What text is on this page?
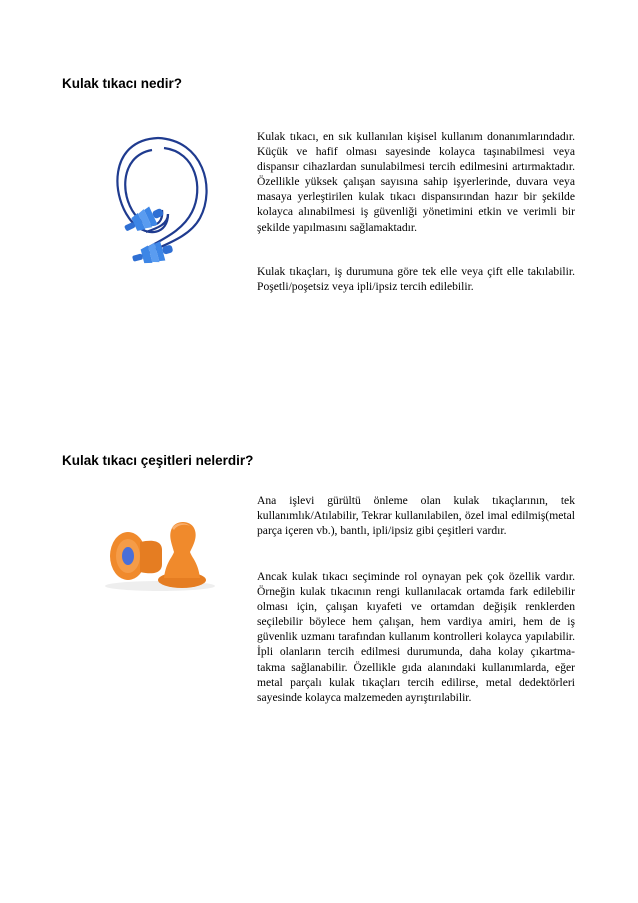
Kulak tıkacı nedir?

Kulak tıkacı, en sık kullanılan kişisel kullanım donanımlarındadır. Küçük ve hafif olması sayesinde kolayca taşınabilmesi veya dispansır cihazlardan sunulabilmesi tercih edilmesini artırmaktadır. Özellikle yüksek çalışan sayısına sahip işyerlerinde, duvara veya masaya yerleştirilen kulak tıkacı dispansırından hazır bir şekilde kolayca alınabilmesi iş güvenliği yönetimini etkin ve verimli bir şekilde yapılmasını sağlamaktadır.

Kulak tıkaçları, iş durumuna göre tek elle veya çift elle takılabilir. Poşetli/poşetsiz veya ipli/ipsiz tercih edilebilir.

Kulak tıkacı çeşitleri nelerdir?

Ana işlevi gürültü önleme olan kulak tıkaçlarının, tek kullanımlık/Atılabilir, Tekrar kullanılabilen, özel imal edilmiş(metal parça içeren vb.), bantlı, ipli/ipsiz gibi çeşitleri vardır.

Ancak kulak tıkacı seçiminde rol oynayan pek çok özellik vardır. Örneğin kulak tıkacının rengi kullanılacak ortamda fark edilebilir olması için, çalışan kıyafeti ve ortamdan değişik renklerden seçilebilir böylece hem çalışan, hem vardiya amiri, hem de iş güvenlik uzmanı tarafından kullanım kontrolleri kolayca yapılabilir. İpli olanların tercih edilmesi durumunda, daha kolay çıkartma-takma sağlanabilir. Özellikle gıda alanındaki kullanımlarda, eğer metal parçalı kulak tıkaçları tercih edilirse, metal dedektörleri sayesinde kolayca malzemeden ayrıştırılabilir.
